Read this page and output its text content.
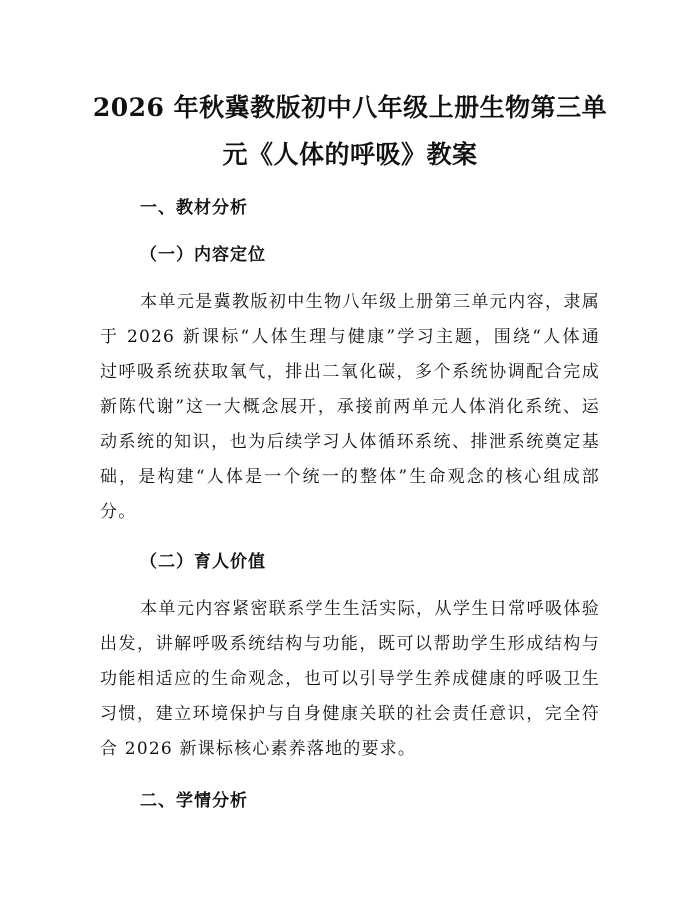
2026 年秋冀教版初中八年级上册生物第三单
元《人体的呼吸》教案
一、教材分析
（一）内容定位

本单元是冀教版初中生物八年级上册第三单元内容，隶属

于 2026 新课标“人体生理与健康”学习主题，围绕“人体通

过呼吸系统获取氧气，排出二氧化碳，多个系统协调配合完成

新陈代谢”这一大概念展开，承接前两单元人体消化系统、运

动系统的知识，也为后续学习人体循环系统、排泄系统奠定基

础，是构建“人体是一个统一的整体”生命观念的核心组成部

分。

（二）育人价值

本单元内容紧密联系学生生活实际，从学生日常呼吸体验

出发，讲解呼吸系统结构与功能，既可以帮助学生形成结构与

功能相适应的生命观念，也可以引导学生养成健康的呼吸卫生

习惯，建立环境保护与自身健康关联的社会责任意识，完全符

合 2026 新课标核心素养落地的要求。

二、学情分析
